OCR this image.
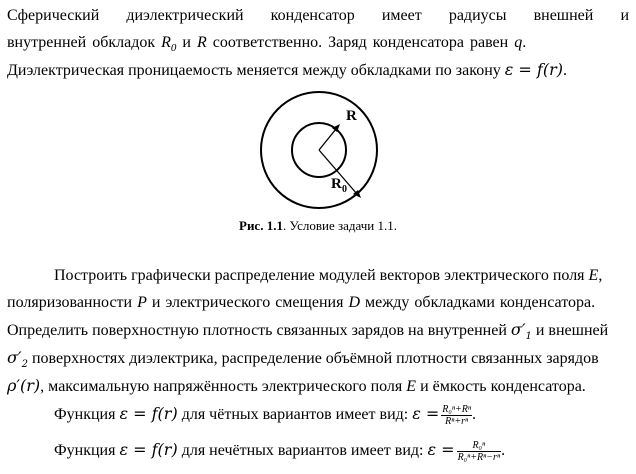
Сферический диэлектрический конденсатор имеет радиусы внешней и
внутренней обкладок $R_0$ и R соответственно. Заряд конденсатора равен q.
Диэлектрическая проницаемость меняется между обкладками по закону ε = f(r).
R
R 0
Рис. 1.1. Условие задачи 1.1.
Построить графически распределение модулей векторов электрического поля E,
поляризованности P и электрического смещения D между обкладками конденсатора.
Определить поверхностную плотность связанных зарядов на внутренней $\sigma'_1$ и внешней
$\sigma'_2$ поверхностях диэлектрика, распределение объёмной плотности связанных зарядов
ρ′(r), максимальную напряжённость электрического поля E и ёмкость конденсатора.
Функция ε = f(r) для чётных вариантов имеет вид: $\varepsilon = \frac{\text{R₀ⁿ+Rⁿ}}{\text{Rⁿ+rⁿ}}$ .
Функция ε = f(r) для нечётных вариантов имеет вид: $\varepsilon = \frac{\text{R₀ⁿ}}{\text{R₀ⁿ+Rⁿ−rⁿ}}$ .
